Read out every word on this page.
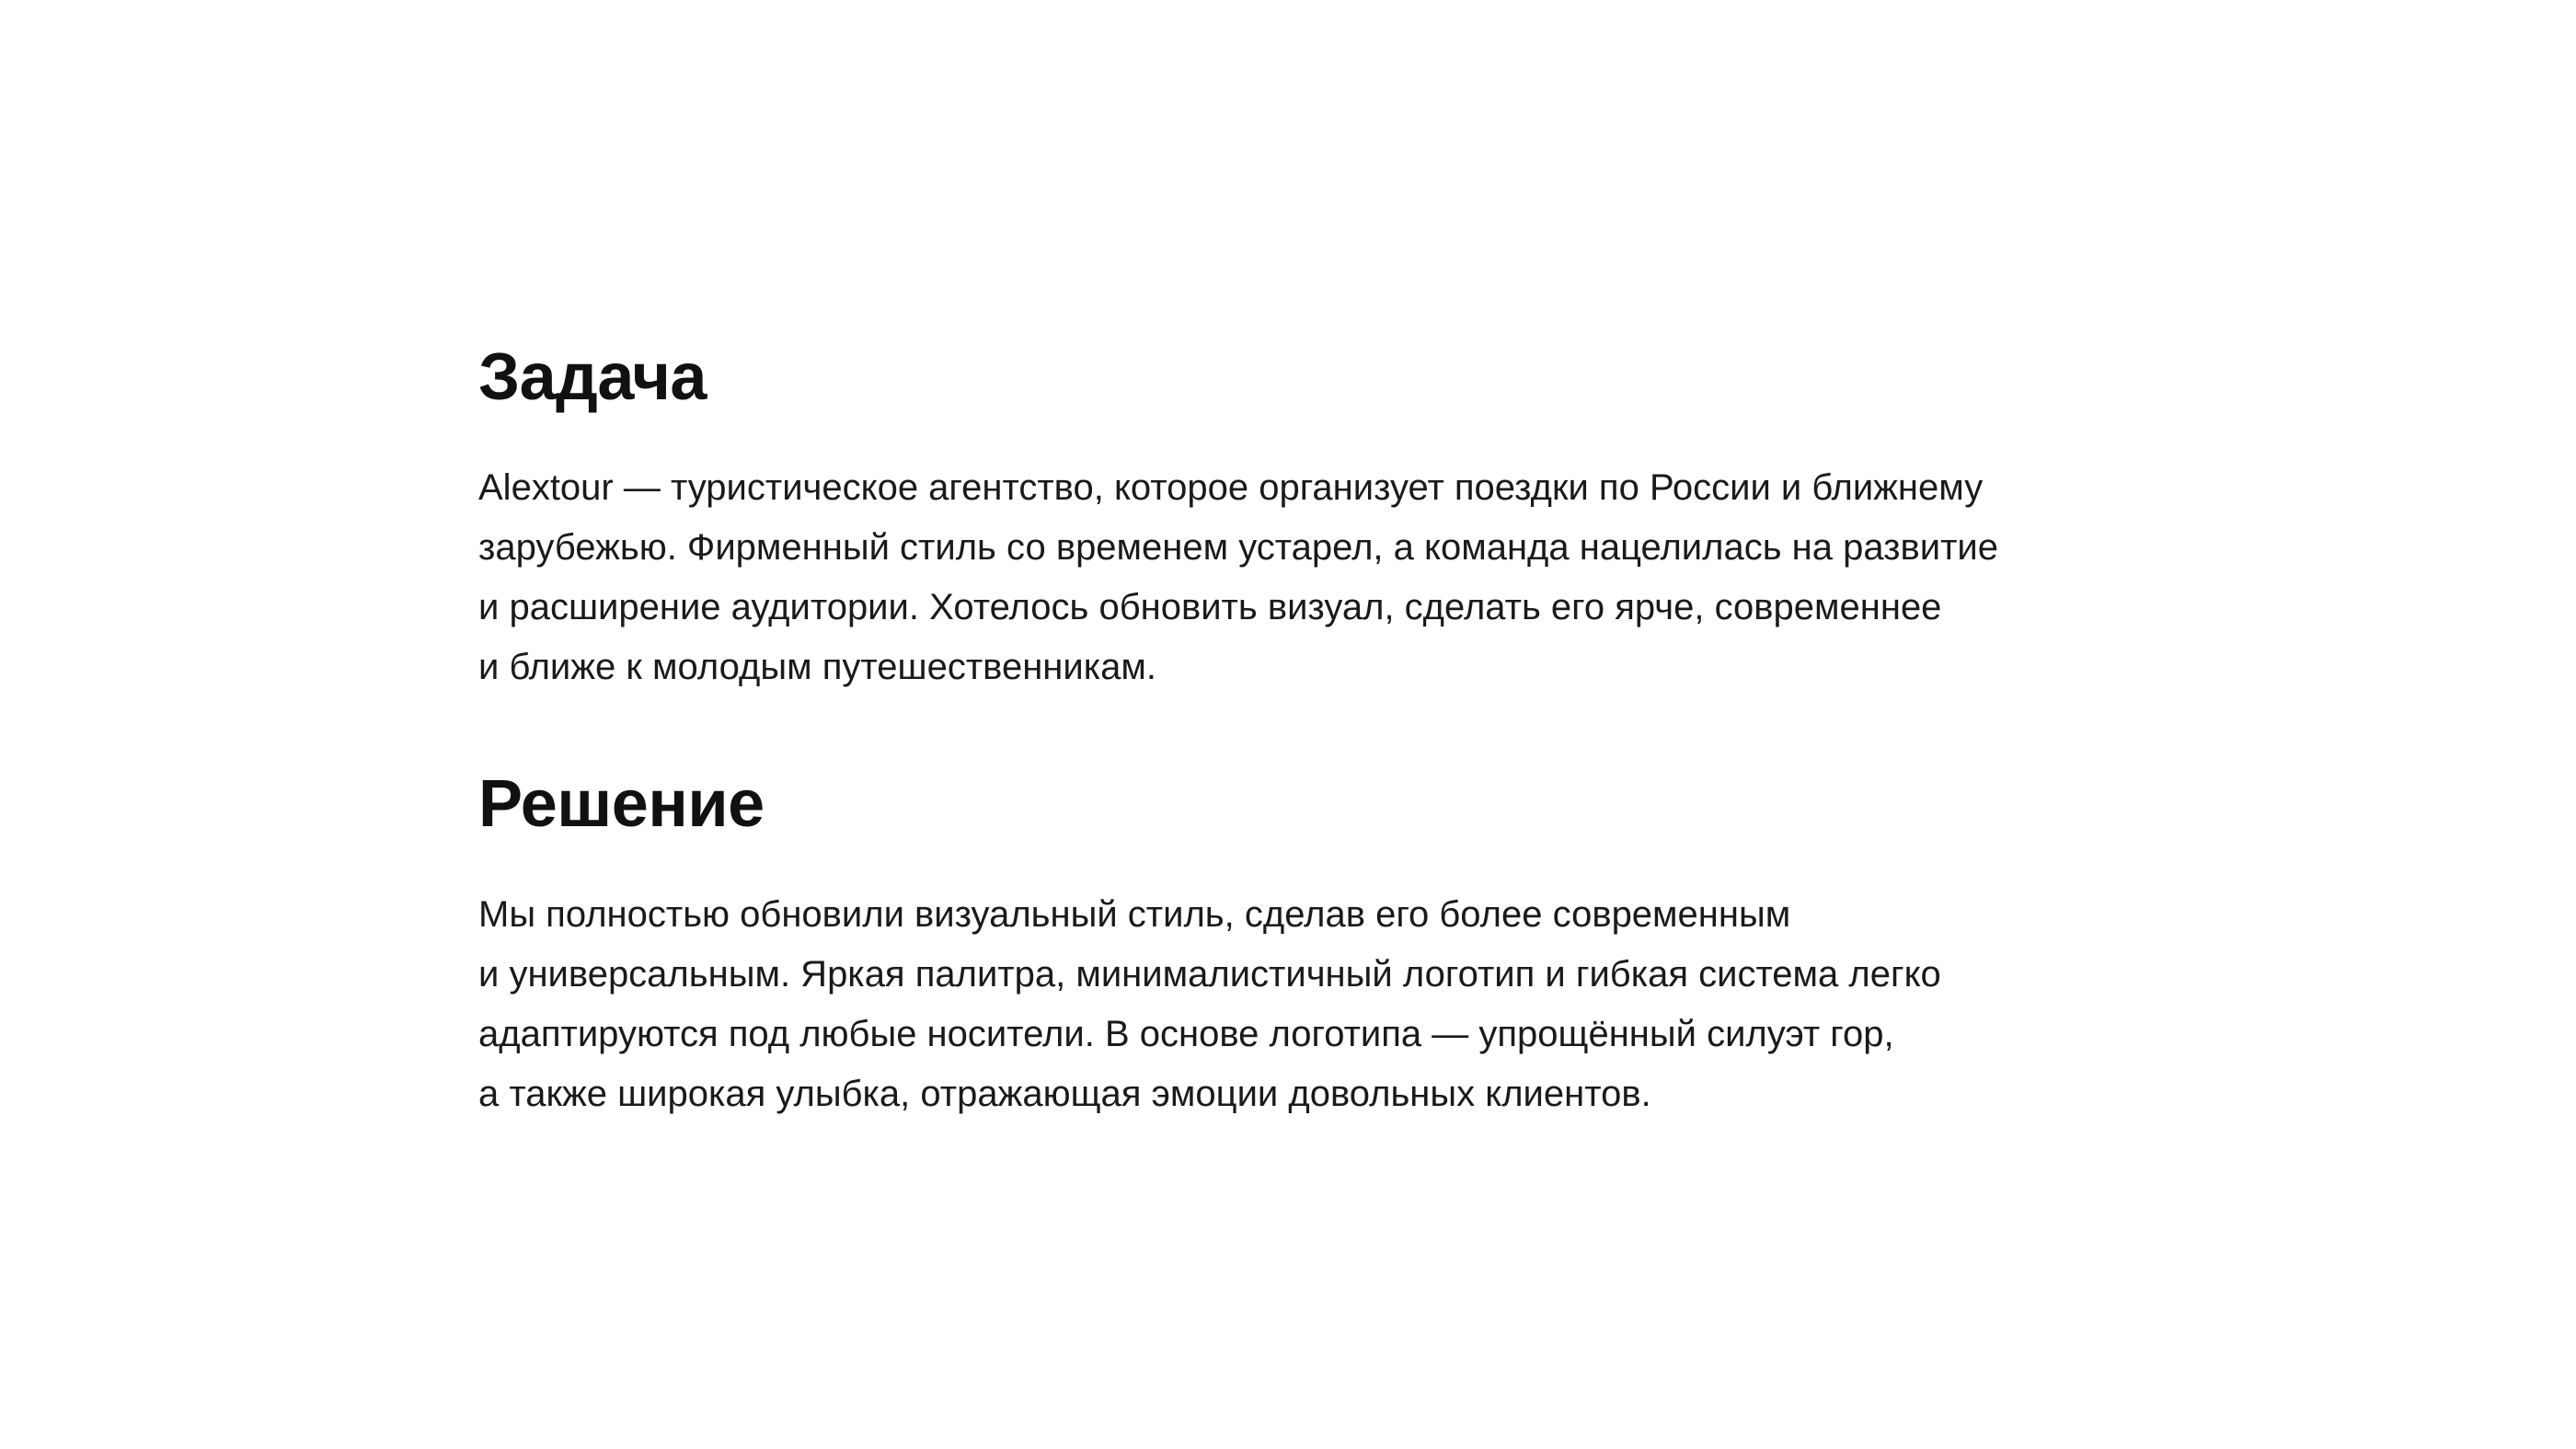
Задача
Alextour — туристическое агентство, которое организует поездки по России и ближнему
зарубежью. Фирменный стиль со временем устарел, а команда нацелилась на развитие
и расширение аудитории. Хотелось обновить визуал, сделать его ярче, современнее
и ближе к молодым путешественникам.
Решение
Мы полностью обновили визуальный стиль, сделав его более современным
и универсальным. Яркая палитра, минималистичный логотип и гибкая система легко
адаптируются под любые носители. В основе логотипа — упрощённый силуэт гор,
а также широкая улыбка, отражающая эмоции довольных клиентов.
